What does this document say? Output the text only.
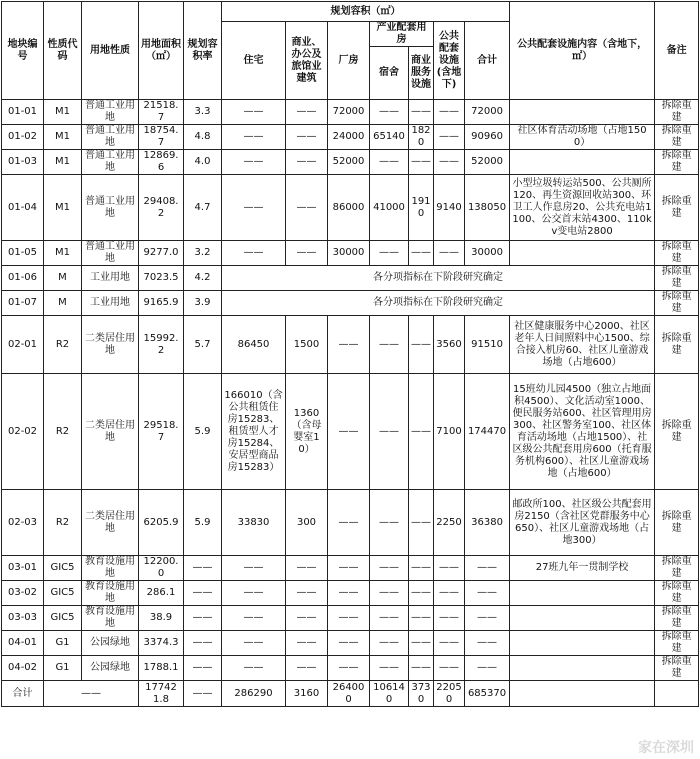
地块编号	性质代码	用地性质	用地面积（㎡）	规划容积率	规划容积（㎡）							公共配套设施内容（含地下，㎡）	备注
					住宅	商业、办公及旅馆业建筑	厂房	产业配套用房		公共配套设施(含地下)	合计		
								宿舍	商业服务设施				
01-01	M1	普通工业用地	21518.7	3.3	——	——	72000	——	——	——	72000		拆除重建
01-02	M1	普通工业用地	18754.7	4.8	——	——	24000	65140	1820	——	90960	社区体育活动场地（占地1500）	拆除重建
01-03	M1	普通工业用地	12869.6	4.0	——	——	52000	——	——	——	52000		拆除重建
01-04	M1	普通工业用地	29408.2	4.7	——	——	86000	41000	1910	9140	138050	小型垃圾转运站500、公共厕所120、再生资源回收站300、环卫工人作息房20、公共充电站1100、公交首末站4300、110kv变电站2800	拆除重建
01-05	M1	普通工业用地	9277.0	3.2	——	——	30000	——	——	——	30000		拆除重建
01-06	M	工业用地	7023.5	4.2	各分项指标在下阶段研究确定								拆除重建
01-07	M	工业用地	9165.9	3.9	各分项指标在下阶段研究确定								拆除重建
02-01	R2	二类居住用地	15992.2	5.7	86450	1500	——	——	——	3560	91510	社区健康服务中心2000、社区老年人日间照料中心1500、综合接入机房60、社区儿童游戏场地（占地600）	拆除重建
02-02	R2	二类居住用地	29518.7	5.9	166010（含公共租赁住房15283、租赁型人才房15284、安居型商品房15283）	1360（含母婴室10）	——	——	——	7100	174470	15班幼儿园4500（独立占地面积4500）、文化活动室1000、便民服务站600、社区管理用房300、社区警务室100、社区体育活动场地（占地1500）、社区级公共配套用房600（托育服务机构600）、社区儿童游戏场地（占地600）	拆除重建
02-03	R2	二类居住用地	6205.9	5.9	33830	300	——	——	——	2250	36380	邮政所100、社区级公共配套用房2150（含社区党群服务中心650）、社区儿童游戏场地（占地300）	拆除重建
03-01	GIC5	教育设施用地	12200.0	——	——	——	——	——	——	——	——	27班九年一贯制学校	拆除重建
03-02	GIC5	教育设施用地	286.1	——	——	——	——	——	——	——	——		拆除重建
03-03	GIC5	教育设施用地	38.9	——	——	——	——	——	——	——	——		拆除重建
04-01	G1	公园绿地	3374.3	——	——	——	——	——	——	——	——		拆除重建
04-02	G1	公园绿地	1788.1	——	——	——	——	——	——	——	——		拆除重建
合计	——		177421.8	——	286290	3160	264000	106140	3730	22050	685370		
家在深圳
